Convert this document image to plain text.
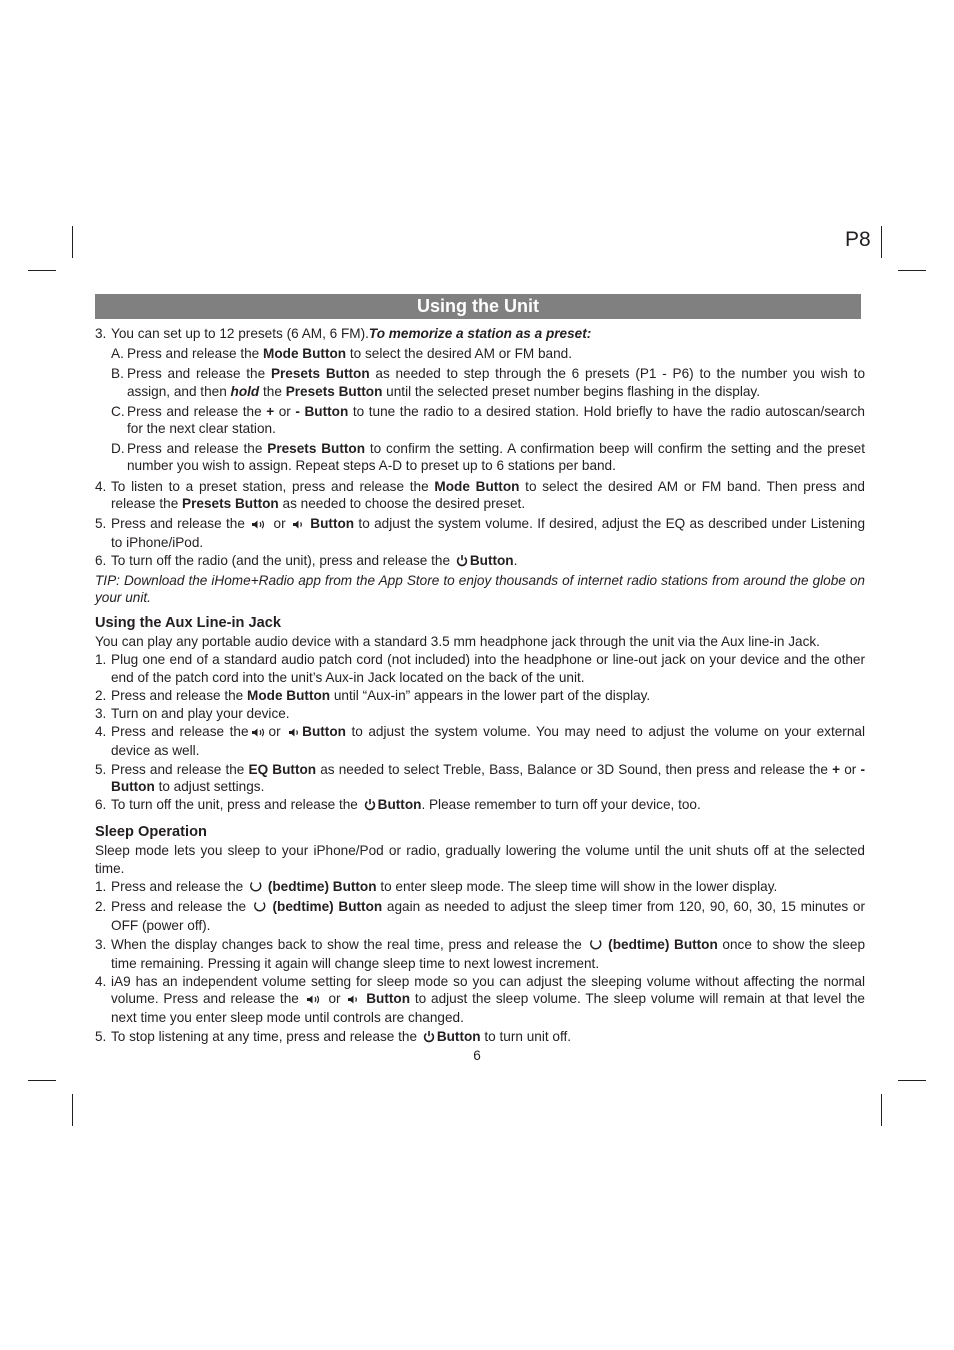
P8
Using the Unit
3. You can set up to 12 presets (6 AM, 6 FM).To memorize a station as a preset:
A. Press and release the Mode Button to select the desired AM or FM band.
B. Press and release the Presets Button as needed to step through the 6 presets (P1 - P6) to the number you wish to assign, and then hold the Presets Button until the selected preset number begins flashing in the display.
C. Press and release the + or - Button to tune the radio to a desired station. Hold briefly to have the radio autoscan/search for the next clear station.
D. Press and release the Presets Button to confirm the setting. A confirmation beep will confirm the setting and the preset number you wish to assign. Repeat steps A-D to preset up to 6 stations per band.
4. To listen to a preset station, press and release the Mode Button to select the desired AM or FM band. Then press and release the Presets Button as needed to choose the desired preset.
5. Press and release the  or  Button to adjust the system volume. If desired, adjust the EQ as described under Listening to iPhone/iPod.
6. To turn off the radio (and the unit), press and release the Button.
TIP: Download the iHome+Radio app from the App Store to enjoy thousands of internet radio stations from around the globe on your unit.
Using the Aux Line-in Jack
You can play any portable audio device with a standard 3.5 mm headphone jack through the unit via the Aux line-in Jack.
1. Plug one end of a standard audio patch cord (not included) into the headphone or line-out jack on your device and the other end of the patch cord into the unit’s Aux-in Jack located on the back of the unit.
2. Press and release the Mode Button until “Aux-in” appears in the lower part of the display.
3. Turn on and play your device.
4. Press and release the or Button to adjust the system volume. You may need to adjust the volume on your external device as well.
5. Press and release the EQ Button as needed to select Treble, Bass, Balance or 3D Sound, then press and release the + or - Button to adjust settings.
6. To turn off the unit, press and release the Button. Please remember to turn off your device, too.
Sleep Operation
Sleep mode lets you sleep to your iPhone/Pod or radio, gradually lowering the volume until the unit shuts off at the selected time.
1. Press and release the  (bedtime) Button to enter sleep mode. The sleep time will show in the lower display.
2. Press and release the  (bedtime) Button again as needed to adjust the sleep timer from 120, 90, 60, 30, 15 minutes or OFF (power off).
3. When the display changes back to show the real time, press and release the  (bedtime) Button once to show the sleep time remaining. Pressing it again will change sleep time to next lowest increment.
4. iA9 has an independent volume setting for sleep mode so you can adjust the sleeping volume without affecting the normal volume. Press and release the  or  Button to adjust the sleep volume. The sleep volume will remain at that level the next time you enter sleep mode until controls are changed.
5. To stop listening at any time, press and release the Button to turn unit off.
6
